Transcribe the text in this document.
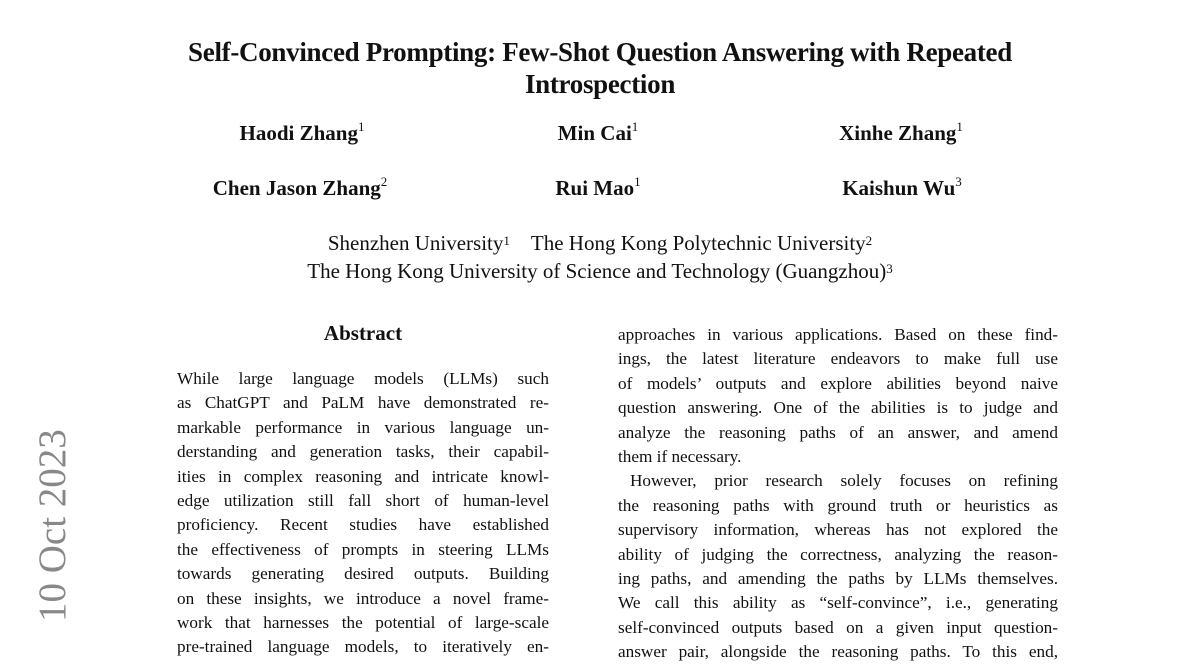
Self-Convinced Prompting: Few-Shot Question Answering with Repeated
Introspection
Haodi Zhang$^1$	Min Cai$^1$	Xinhe Zhang$^1$
Chen Jason Zhang$^2$	Rui Mao$^1$	Kaishun Wu$^3$
Shenzhen University$^1$ The Hong Kong Polytechnic University$^2$
The Hong Kong University of Science and Technology (Guangzhou)$^3$
Abstract
While large language models (LLMs) such
as ChatGPT and PaLM have demonstrated re-
markable performance in various language un-
derstanding and generation tasks, their capabil-
ities in complex reasoning and intricate knowl-
edge utilization still fall short of human-level
proficiency. Recent studies have established
the effectiveness of prompts in steering LLMs
towards generating desired outputs. Building
on these insights, we introduce a novel frame-
work that harnesses the potential of large-scale
pre-trained language models, to iteratively en-
approaches in various applications. Based on these find-
ings, the latest literature endeavors to make full use
of models’ outputs and explore abilities beyond naive
question answering. One of the abilities is to judge and
analyze the reasoning paths of an answer, and amend
them if necessary.
However, prior research solely focuses on refining
the reasoning paths with ground truth or heuristics as
supervisory information, whereas has not explored the
ability of judging the correctness, analyzing the reason-
ing paths, and amending the paths by LLMs themselves.
We call this ability as “self-convince”, i.e., generating
self-convinced outputs based on a given input question-
answer pair, alongside the reasoning paths. To this end,
10 Oct 2023
